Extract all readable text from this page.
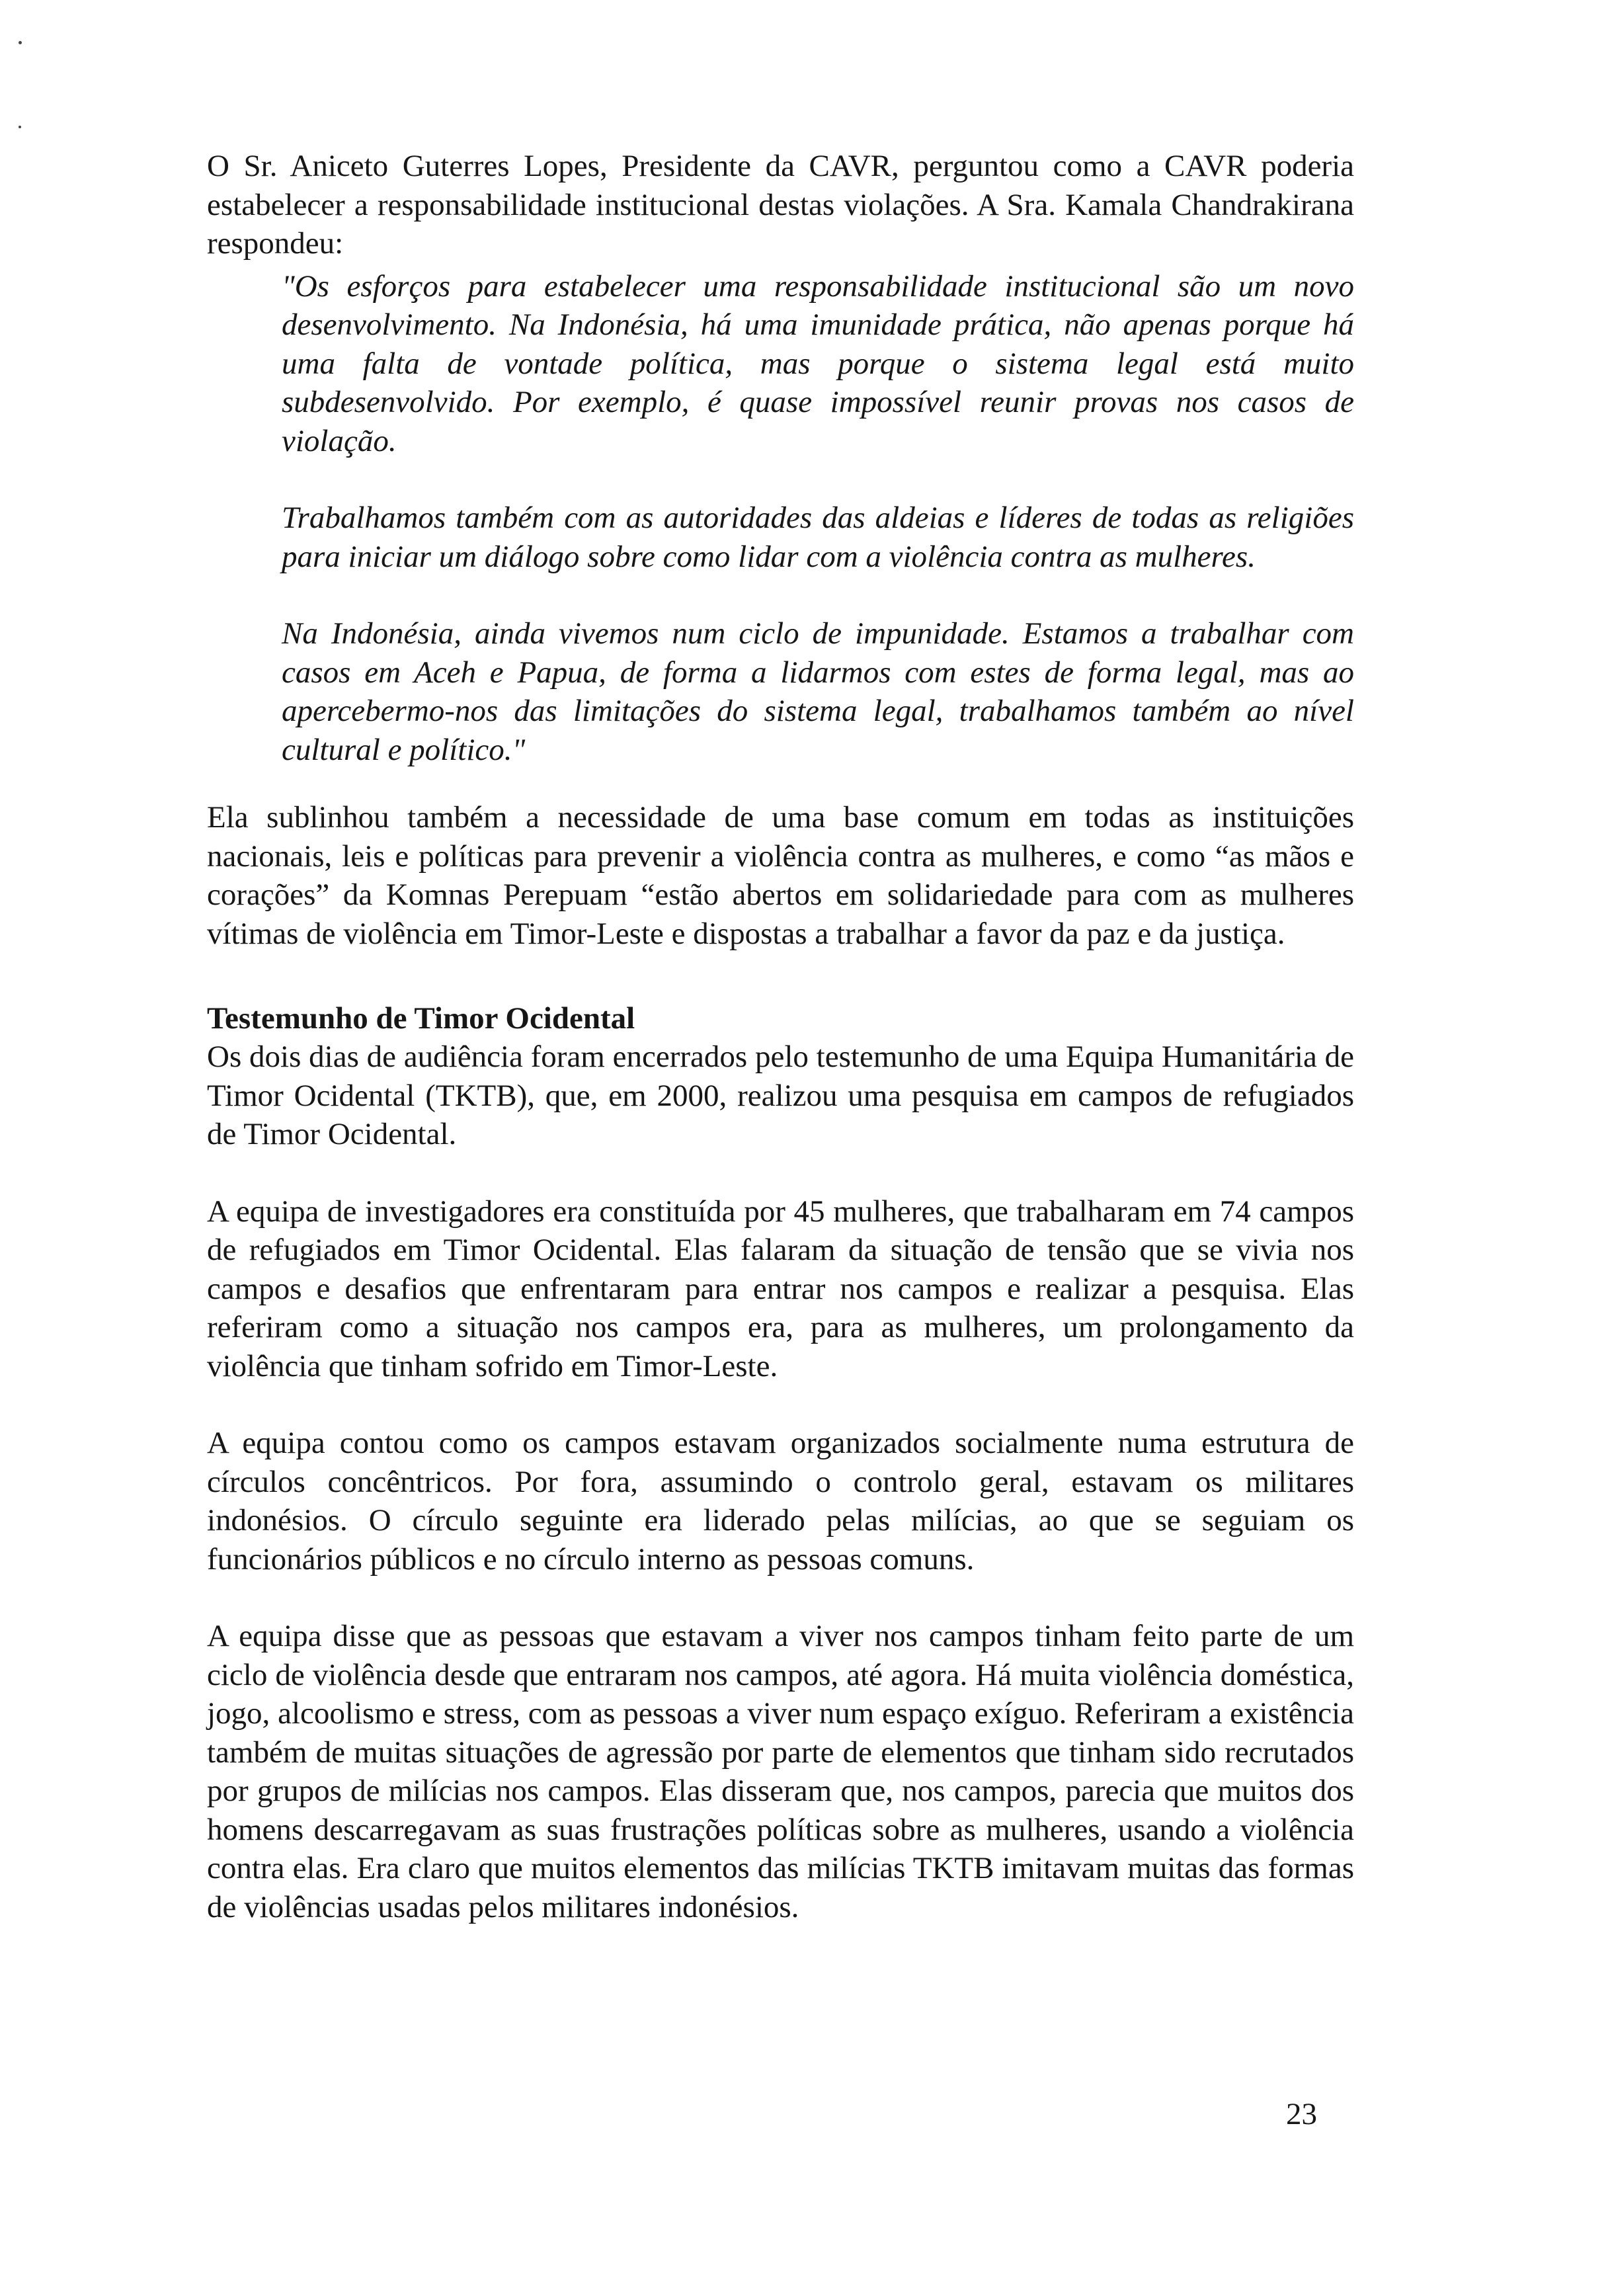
O Sr. Aniceto Guterres Lopes, Presidente da CAVR, perguntou como a CAVR poderia estabelecer a responsabilidade institucional destas violações. A Sra. Kamala Chandrakirana respondeu:

"Os esforços para estabelecer uma responsabilidade institucional são um novo desenvolvimento. Na Indonésia, há uma imunidade prática, não apenas porque há uma falta de vontade política, mas porque o sistema legal está muito subdesenvolvido. Por exemplo, é quase impossível reunir provas nos casos de violação.

Trabalhamos também com as autoridades das aldeias e líderes de todas as religiões para iniciar um diálogo sobre como lidar com a violência contra as mulheres.

Na Indonésia, ainda vivemos num ciclo de impunidade. Estamos a trabalhar com casos em Aceh e Papua, de forma a lidarmos com estes de forma legal, mas ao apercebermo-nos das limitações do sistema legal, trabalhamos também ao nível cultural e político."

Ela sublinhou também a necessidade de uma base comum em todas as instituições nacionais, leis e políticas para prevenir a violência contra as mulheres, e como “as mãos e corações” da Komnas Perepuam “estão abertos em solidariedade para com as mulheres vítimas de violência em Timor-Leste e dispostas a trabalhar a favor da paz e da justiça.

Testemunho de Timor Ocidental

Os dois dias de audiência foram encerrados pelo testemunho de uma Equipa Humanitária de Timor Ocidental (TKTB), que, em 2000, realizou uma pesquisa em campos de refugiados de Timor Ocidental.

A equipa de investigadores era constituída por 45 mulheres, que trabalharam em 74 campos de refugiados em Timor Ocidental. Elas falaram da situação de tensão que se vivia nos campos e desafios que enfrentaram para entrar nos campos e realizar a pesquisa. Elas referiram como a situação nos campos era, para as mulheres, um prolongamento da violência que tinham sofrido em Timor-Leste.

A equipa contou como os campos estavam organizados socialmente numa estrutura de círculos concêntricos. Por fora, assumindo o controlo geral, estavam os militares indonésios. O círculo seguinte era liderado pelas milícias, ao que se seguiam os funcionários públicos e no círculo interno as pessoas comuns.

A equipa disse que as pessoas que estavam a viver nos campos tinham feito parte de um ciclo de violência desde que entraram nos campos, até agora. Há muita violência doméstica, jogo, alcoolismo e stress, com as pessoas a viver num espaço exíguo. Referiram a existência também de muitas situações de agressão por parte de elementos que tinham sido recrutados por grupos de milícias nos campos. Elas disseram que, nos campos, parecia que muitos dos homens descarregavam as suas frustrações políticas sobre as mulheres, usando a violência contra elas. Era claro que muitos elementos das milícias TKTB imitavam muitas das formas de violências usadas pelos militares indonésios.

23
